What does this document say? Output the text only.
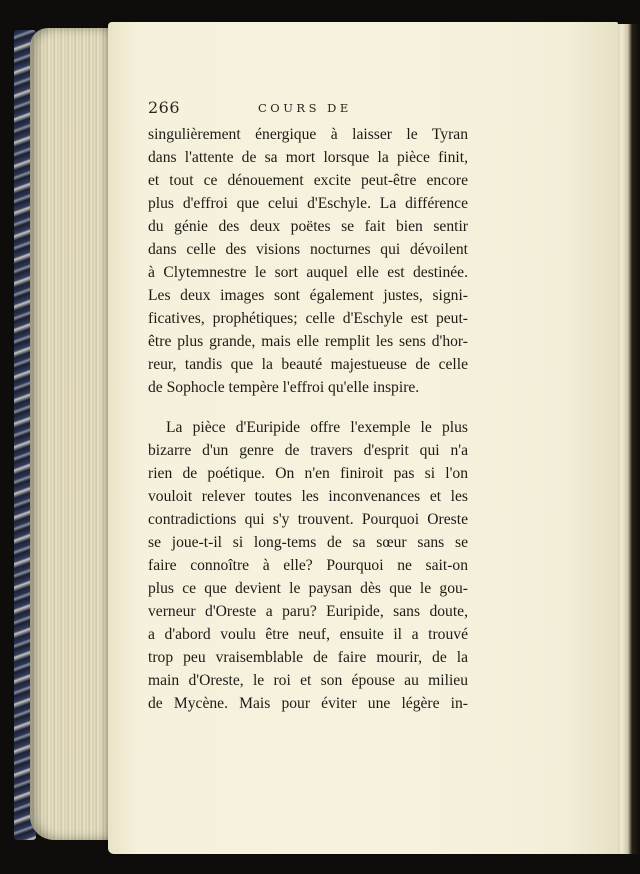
266	COURS DE
singulièrement énergique à laisser le Tyran
dans l'attente de sa mort lorsque la pièce finit,
et tout ce dénouement excite peut-être encore
plus d'effroi que celui d'Eschyle. La différence
du génie des deux poëtes se fait bien sentir
dans celle des visions nocturnes qui dévoilent
à Clytemnestre le sort auquel elle est destinée.
Les deux images sont également justes, signi-
ficatives, prophétiques; celle d'Eschyle est peut-
être plus grande, mais elle remplit les sens d'hor-
reur, tandis que la beauté majestueuse de celle
de Sophocle tempère l'effroi qu'elle inspire.
La pièce d'Euripide offre l'exemple le plus
bizarre d'un genre de travers d'esprit qui n'a
rien de poétique. On n'en finiroit pas si l'on
vouloit relever toutes les inconvenances et les
contradictions qui s'y trouvent. Pourquoi Oreste
se joue-t-il si long-tems de sa sœur sans se
faire connoître à elle? Pourquoi ne sait-on
plus ce que devient le paysan dès que le gou-
verneur d'Oreste a paru? Euripide, sans doute,
a d'abord voulu être neuf, ensuite il a trouvé
trop peu vraisemblable de faire mourir, de la
main d'Oreste, le roi et son épouse au milieu
de Mycène. Mais pour éviter une légère in-
